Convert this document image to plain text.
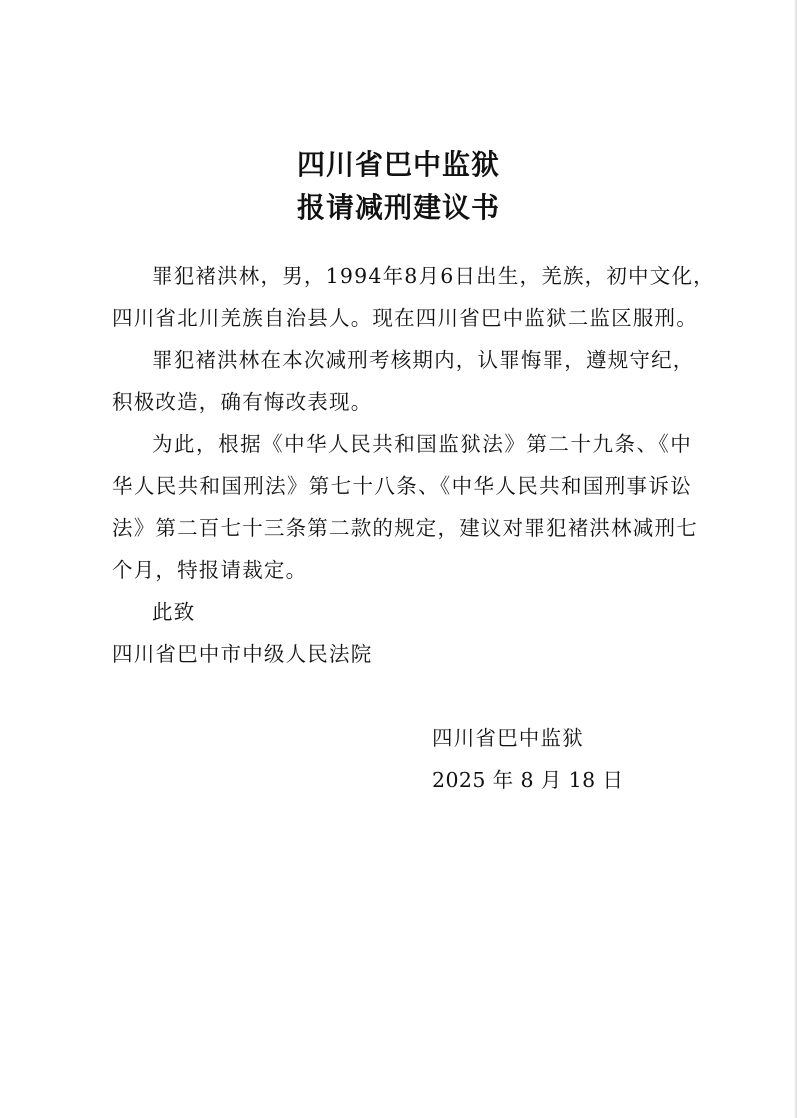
四川省巴中监狱
报请减刑建议书
罪犯褚洪林，男，1994年8月6日出生，羌族，初中文化，
四川省北川羌族自治县人。现在四川省巴中监狱二监区服刑。
罪犯褚洪林在本次减刑考核期内，认罪悔罪，遵规守纪，
积极改造，确有悔改表现。
为此，根据《中华人民共和国监狱法》第二十九条、《中
华人民共和国刑法》第七十八条、《中华人民共和国刑事诉讼
法》第二百七十三条第二款的规定，建议对罪犯褚洪林减刑七
个月，特报请裁定。
此致
四川省巴中市中级人民法院
四川省巴中监狱
2025 年 8 月 18 日
